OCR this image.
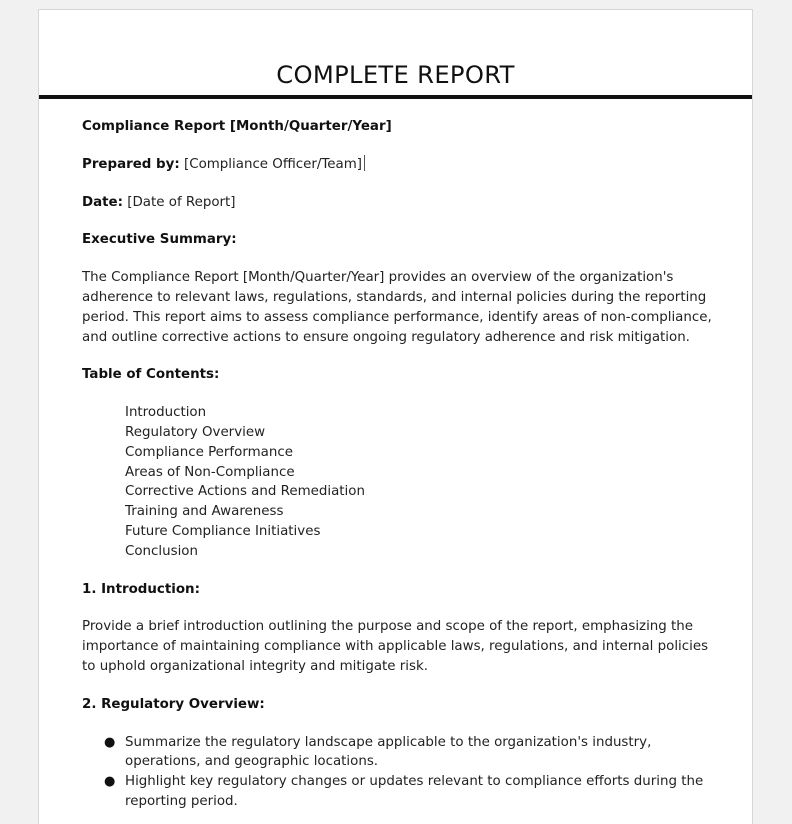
COMPLETE REPORT

Compliance Report [Month/Quarter/Year]

Prepared by: [Compliance Officer/Team]

Date: [Date of Report]

Executive Summary:

The Compliance Report [Month/Quarter/Year] provides an overview of the organization's adherence to relevant laws, regulations, standards, and internal policies during the reporting period. This report aims to assess compliance performance, identify areas of non-compliance, and outline corrective actions to ensure ongoing regulatory adherence and risk mitigation.

Table of Contents:

Introduction
Regulatory Overview
Compliance Performance
Areas of Non-Compliance
Corrective Actions and Remediation
Training and Awareness
Future Compliance Initiatives
Conclusion

1. Introduction:

Provide a brief introduction outlining the purpose and scope of the report, emphasizing the importance of maintaining compliance with applicable laws, regulations, and internal policies to uphold organizational integrity and mitigate risk.

2. Regulatory Overview:

● Summarize the regulatory landscape applicable to the organization's industry, operations, and geographic locations.
● Highlight key regulatory changes or updates relevant to compliance efforts during the reporting period.
